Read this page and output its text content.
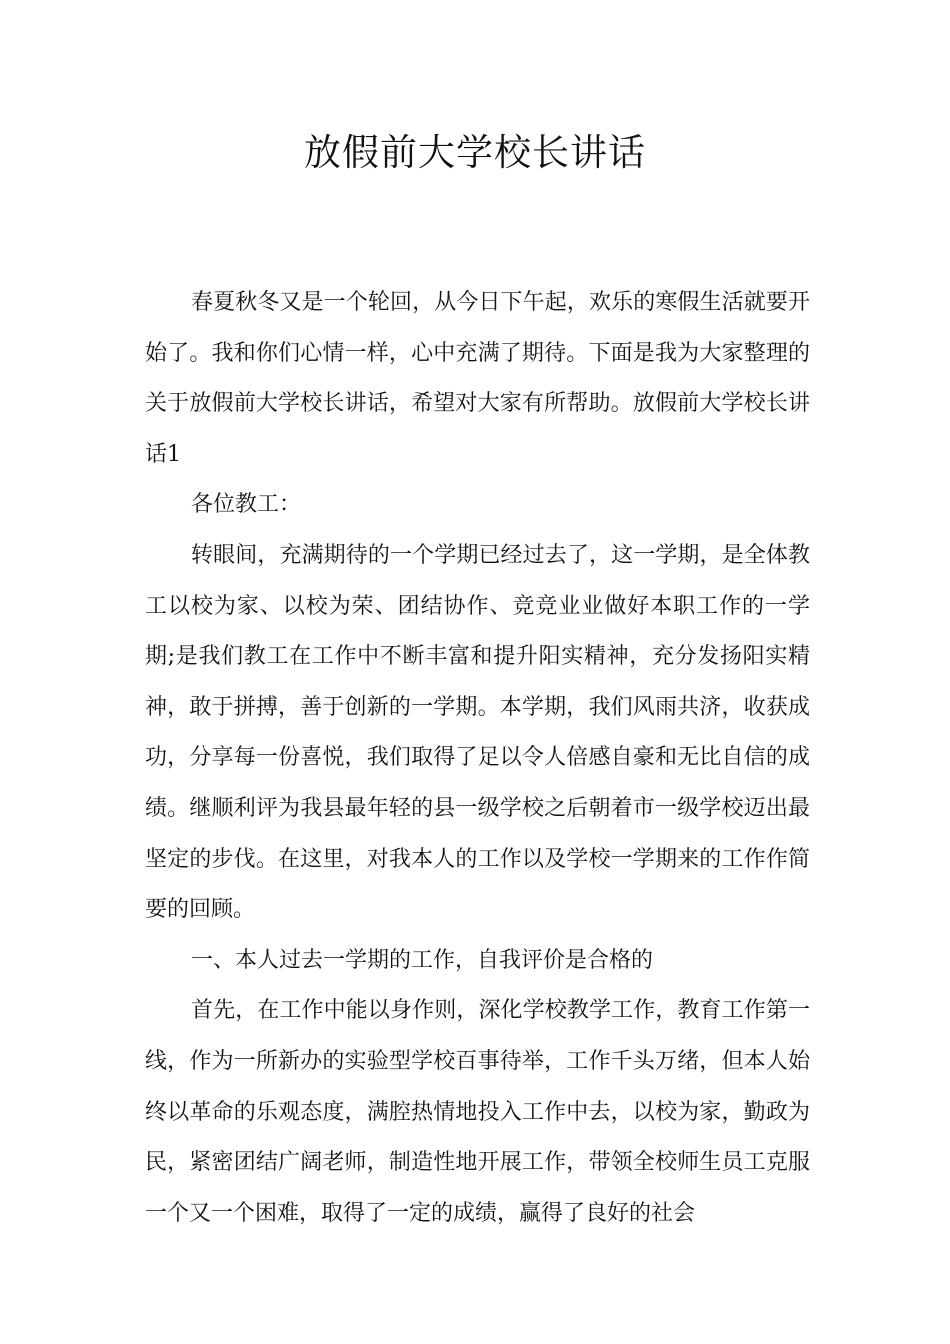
放假前大学校长讲话

春夏秋冬又是一个轮回，从今日下午起，欢乐的寒假生活就要开始了。我和你们心情一样，心中充满了期待。下面是我为大家整理的关于放假前大学校长讲话，希望对大家有所帮助。放假前大学校长讲话1

各位教工：

转眼间，充满期待的一个学期已经过去了，这一学期，是全体教工以校为家、以校为荣、团结协作、竞竞业业做好本职工作的一学期;是我们教工在工作中不断丰富和提升阳实精神，充分发扬阳实精神，敢于拼搏，善于创新的一学期。本学期，我们风雨共济，收获成功，分享每一份喜悦，我们取得了足以令人倍感自豪和无比自信的成绩。继顺利评为我县最年轻的县一级学校之后朝着市一级学校迈出最坚定的步伐。在这里，对我本人的工作以及学校一学期来的工作作简要的回顾。

一、本人过去一学期的工作，自我评价是合格的

首先，在工作中能以身作则，深化学校教学工作，教育工作第一线，作为一所新办的实验型学校百事待举，工作千头万绪，但本人始终以革命的乐观态度，满腔热情地投入工作中去，以校为家，勤政为民，紧密团结广阔老师，制造性地开展工作，带领全校师生员工克服一个又一个困难，取得了一定的成绩，赢得了良好的社会
